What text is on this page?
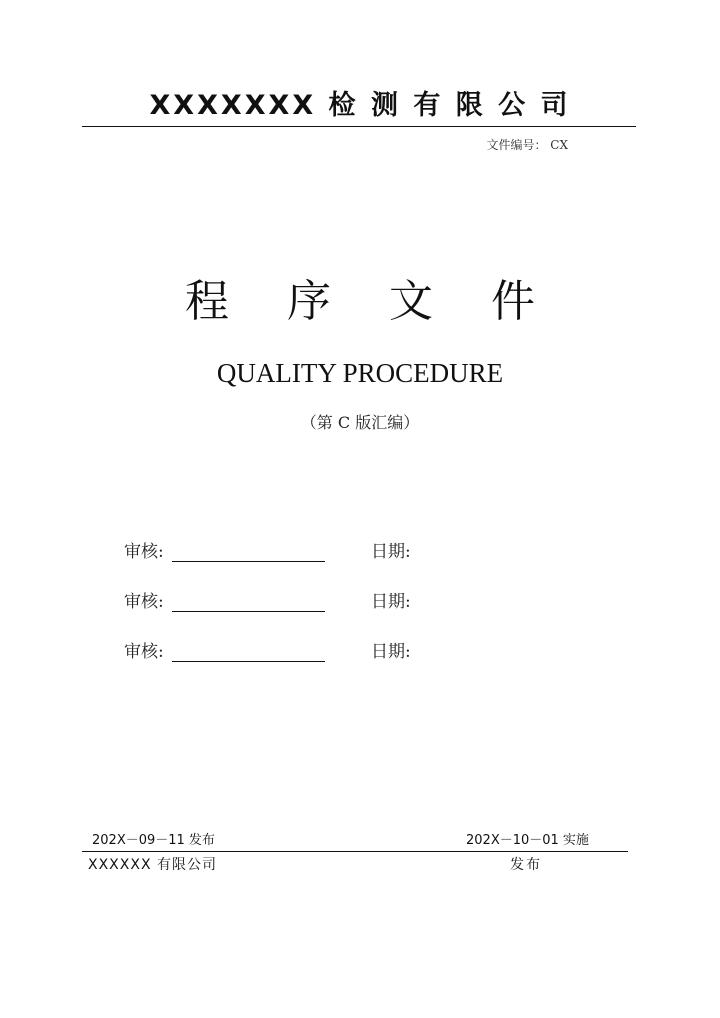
XXXXXXX 检 测 有 限 公 司
文件编号： CX
程 序 文 件
QUALITY PROCEDURE
（第 C 版汇编）
审核:	日期:
审核:	日期:
审核:	日期:
202X－09－11 发布	202X－10－01 实施
XXXXXX 有限公司	发布
